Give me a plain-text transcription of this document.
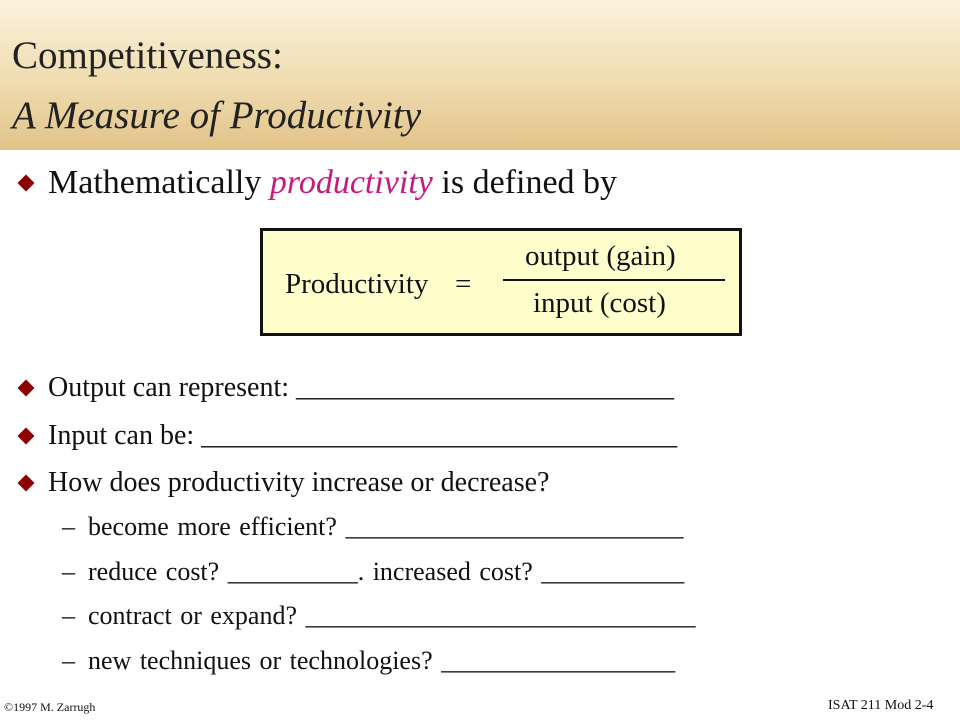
Competitiveness:
A Measure of Productivity
Mathematically productivity is defined by
Productivity =
output (gain)
input (cost)
Output can represent: ___________________________
Input can be: __________________________________
How does productivity increase or decrease?
– become more efficient? __________________________
– reduce cost? __________. increased cost? ___________
– contract or expand? ______________________________
– new techniques or technologies? __________________
©1997 M. Zarrugh	ISAT 211 Mod 2-4
